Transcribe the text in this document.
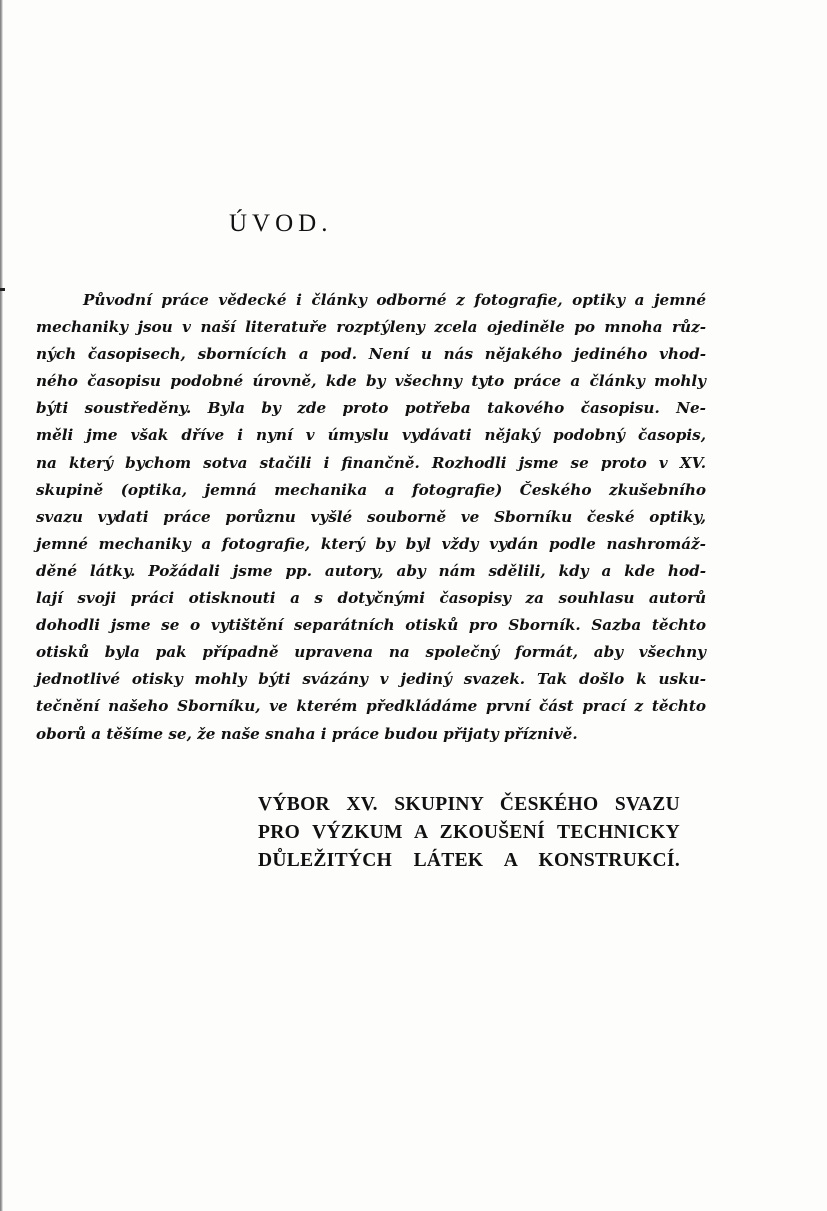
ÚVOD.
Původní práce vědecké i články odborné z fotografie, optiky a jemné
mechaniky jsou v naší literatuře rozptýleny zcela ojediněle po mnoha růz-
ných časopisech, sbornících a pod. Není u nás nějakého jediného vhod-
ného časopisu podobné úrovně, kde by všechny tyto práce a články mohly
býti soustředěny. Byla by zde proto potřeba takového časopisu. Ne-
měli jme však dříve i nyní v úmyslu vydávati nějaký podobný časopis,
na který bychom sotva stačili i finančně. Rozhodli jsme se proto v XV.
skupině (optika, jemná mechanika a fotografie) Českého zkušebního
svazu vydati práce porůznu vyšlé souborně ve Sborníku české optiky,
jemné mechaniky a fotografie, který by byl vždy vydán podle nashromáž-
děné látky. Požádali jsme pp. autory, aby nám sdělili, kdy a kde hod-
lají svoji práci otisknouti a s dotyčnými časopisy za souhlasu autorů
dohodli jsme se o vytištění separátních otisků pro Sborník. Sazba těchto
otisků byla pak případně upravena na společný formát, aby všechny
jednotlivé otisky mohly býti svázány v jediný svazek. Tak došlo k usku-
tečnění našeho Sborníku, ve kterém předkládáme první část prací z těchto
oborů a těšíme se, že naše snaha i práce budou přijaty příznivě.
VÝBOR XV. SKUPINY ČESKÉHO SVAZU
PRO VÝZKUM A ZKOUŠENÍ TECHNICKY
DŮLEŽITÝCH LÁTEK A KONSTRUKCÍ.
